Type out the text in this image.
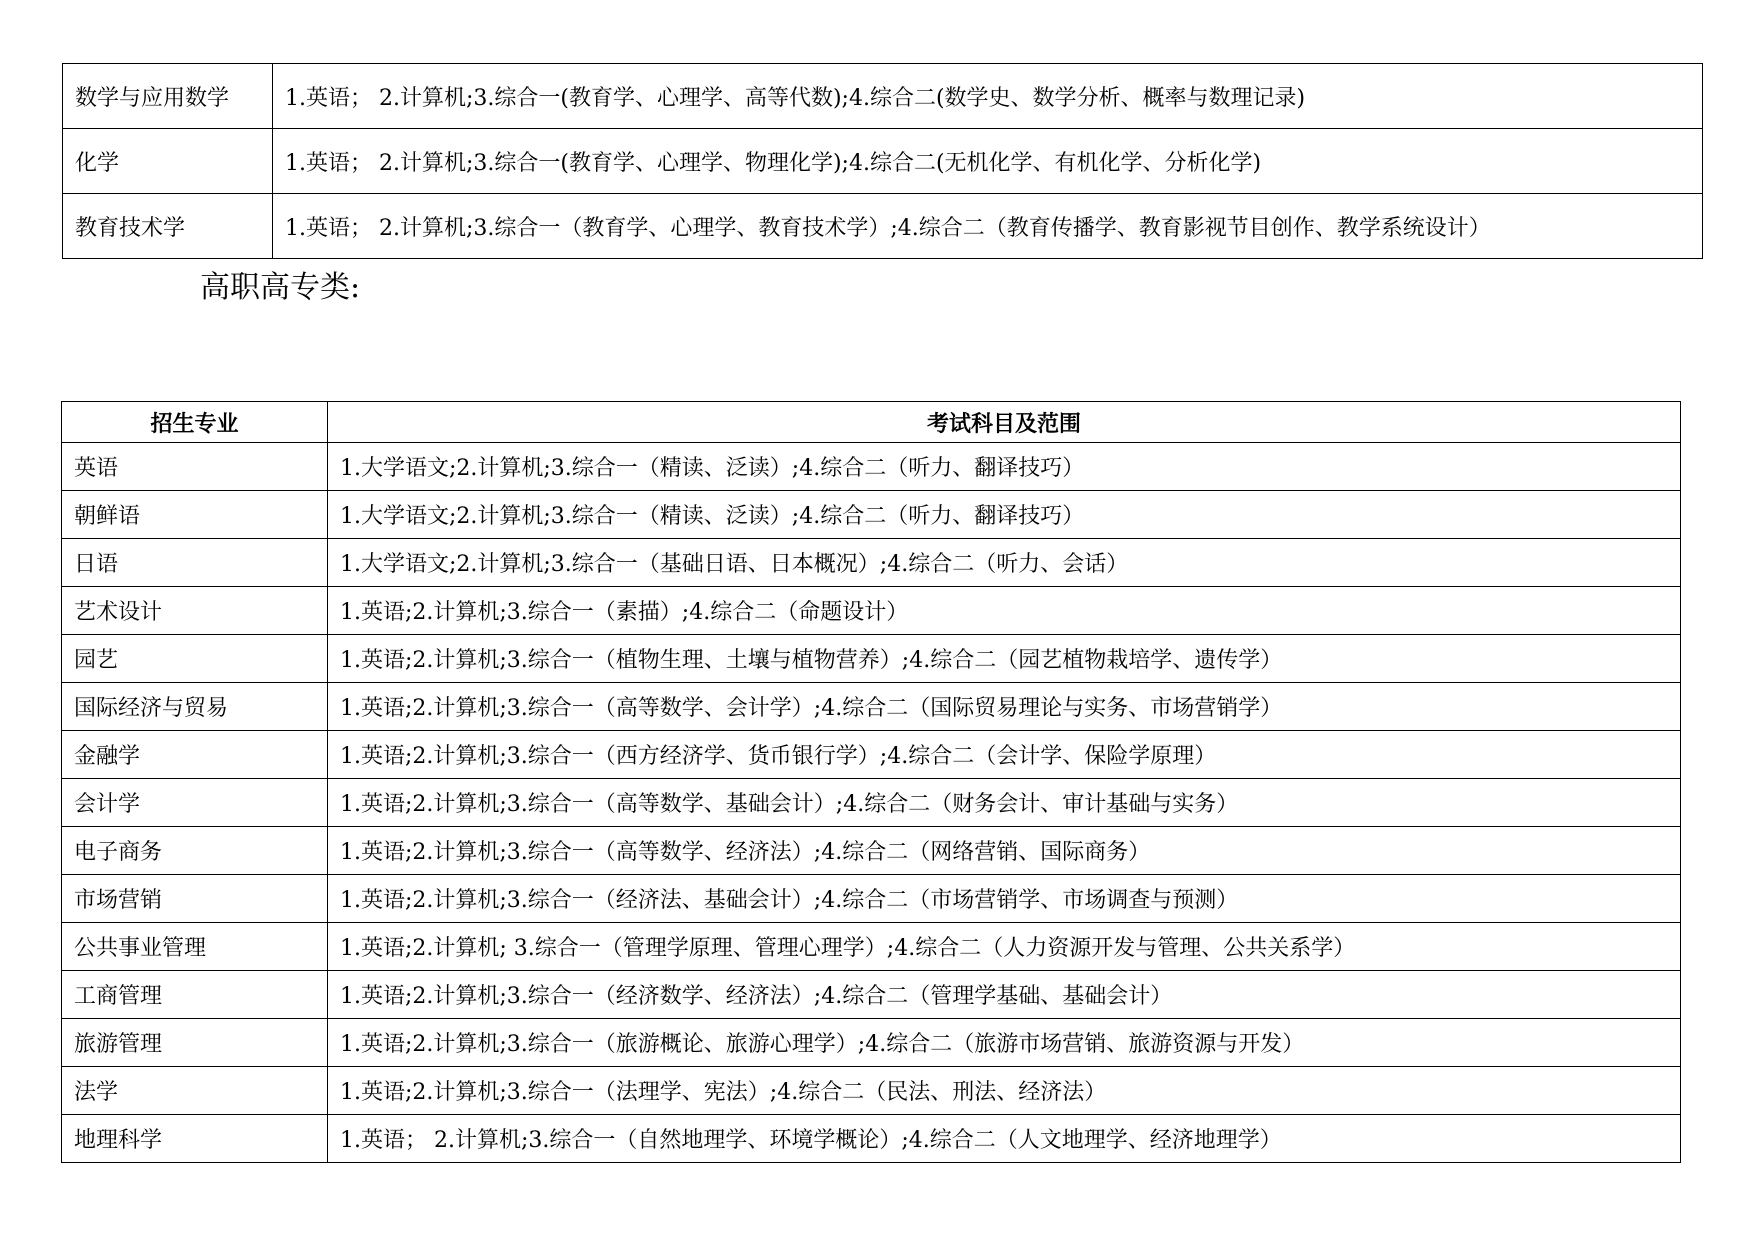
数学与应用数学	1.英语； 2.计算机;3.综合一(教育学、心理学、高等代数);4.综合二(数学史、数学分析、概率与数理记录)
化学	1.英语； 2.计算机;3.综合一(教育学、心理学、物理化学);4.综合二(无机化学、有机化学、分析化学)
教育技术学	1.英语； 2.计算机;3.综合一（教育学、心理学、教育技术学）;4.综合二（教育传播学、教育影视节目创作、教学系统设计）
高职高专类:
招生专业	考试科目及范围
英语	1.大学语文;2.计算机;3.综合一（精读、泛读）;4.综合二（听力、翻译技巧）
朝鲜语	1.大学语文;2.计算机;3.综合一（精读、泛读）;4.综合二（听力、翻译技巧）
日语	1.大学语文;2.计算机;3.综合一（基础日语、日本概况）;4.综合二（听力、会话）
艺术设计	1.英语;2.计算机;3.综合一（素描）;4.综合二（命题设计）
园艺	1.英语;2.计算机;3.综合一（植物生理、土壤与植物营养）;4.综合二（园艺植物栽培学、遗传学）
国际经济与贸易	1.英语;2.计算机;3.综合一（高等数学、会计学）;4.综合二（国际贸易理论与实务、市场营销学）
金融学	1.英语;2.计算机;3.综合一（西方经济学、货币银行学）;4.综合二（会计学、保险学原理）
会计学	1.英语;2.计算机;3.综合一（高等数学、基础会计）;4.综合二（财务会计、审计基础与实务）
电子商务	1.英语;2.计算机;3.综合一（高等数学、经济法）;4.综合二（网络营销、国际商务）
市场营销	1.英语;2.计算机;3.综合一（经济法、基础会计）;4.综合二（市场营销学、市场调查与预测）
公共事业管理	1.英语;2.计算机; 3.综合一（管理学原理、管理心理学）;4.综合二（人力资源开发与管理、公共关系学）
工商管理	1.英语;2.计算机;3.综合一（经济数学、经济法）;4.综合二（管理学基础、基础会计）
旅游管理	1.英语;2.计算机;3.综合一（旅游概论、旅游心理学）;4.综合二（旅游市场营销、旅游资源与开发）
法学	1.英语;2.计算机;3.综合一（法理学、宪法）;4.综合二（民法、刑法、经济法）
地理科学	1.英语； 2.计算机;3.综合一（自然地理学、环境学概论）;4.综合二（人文地理学、经济地理学）
